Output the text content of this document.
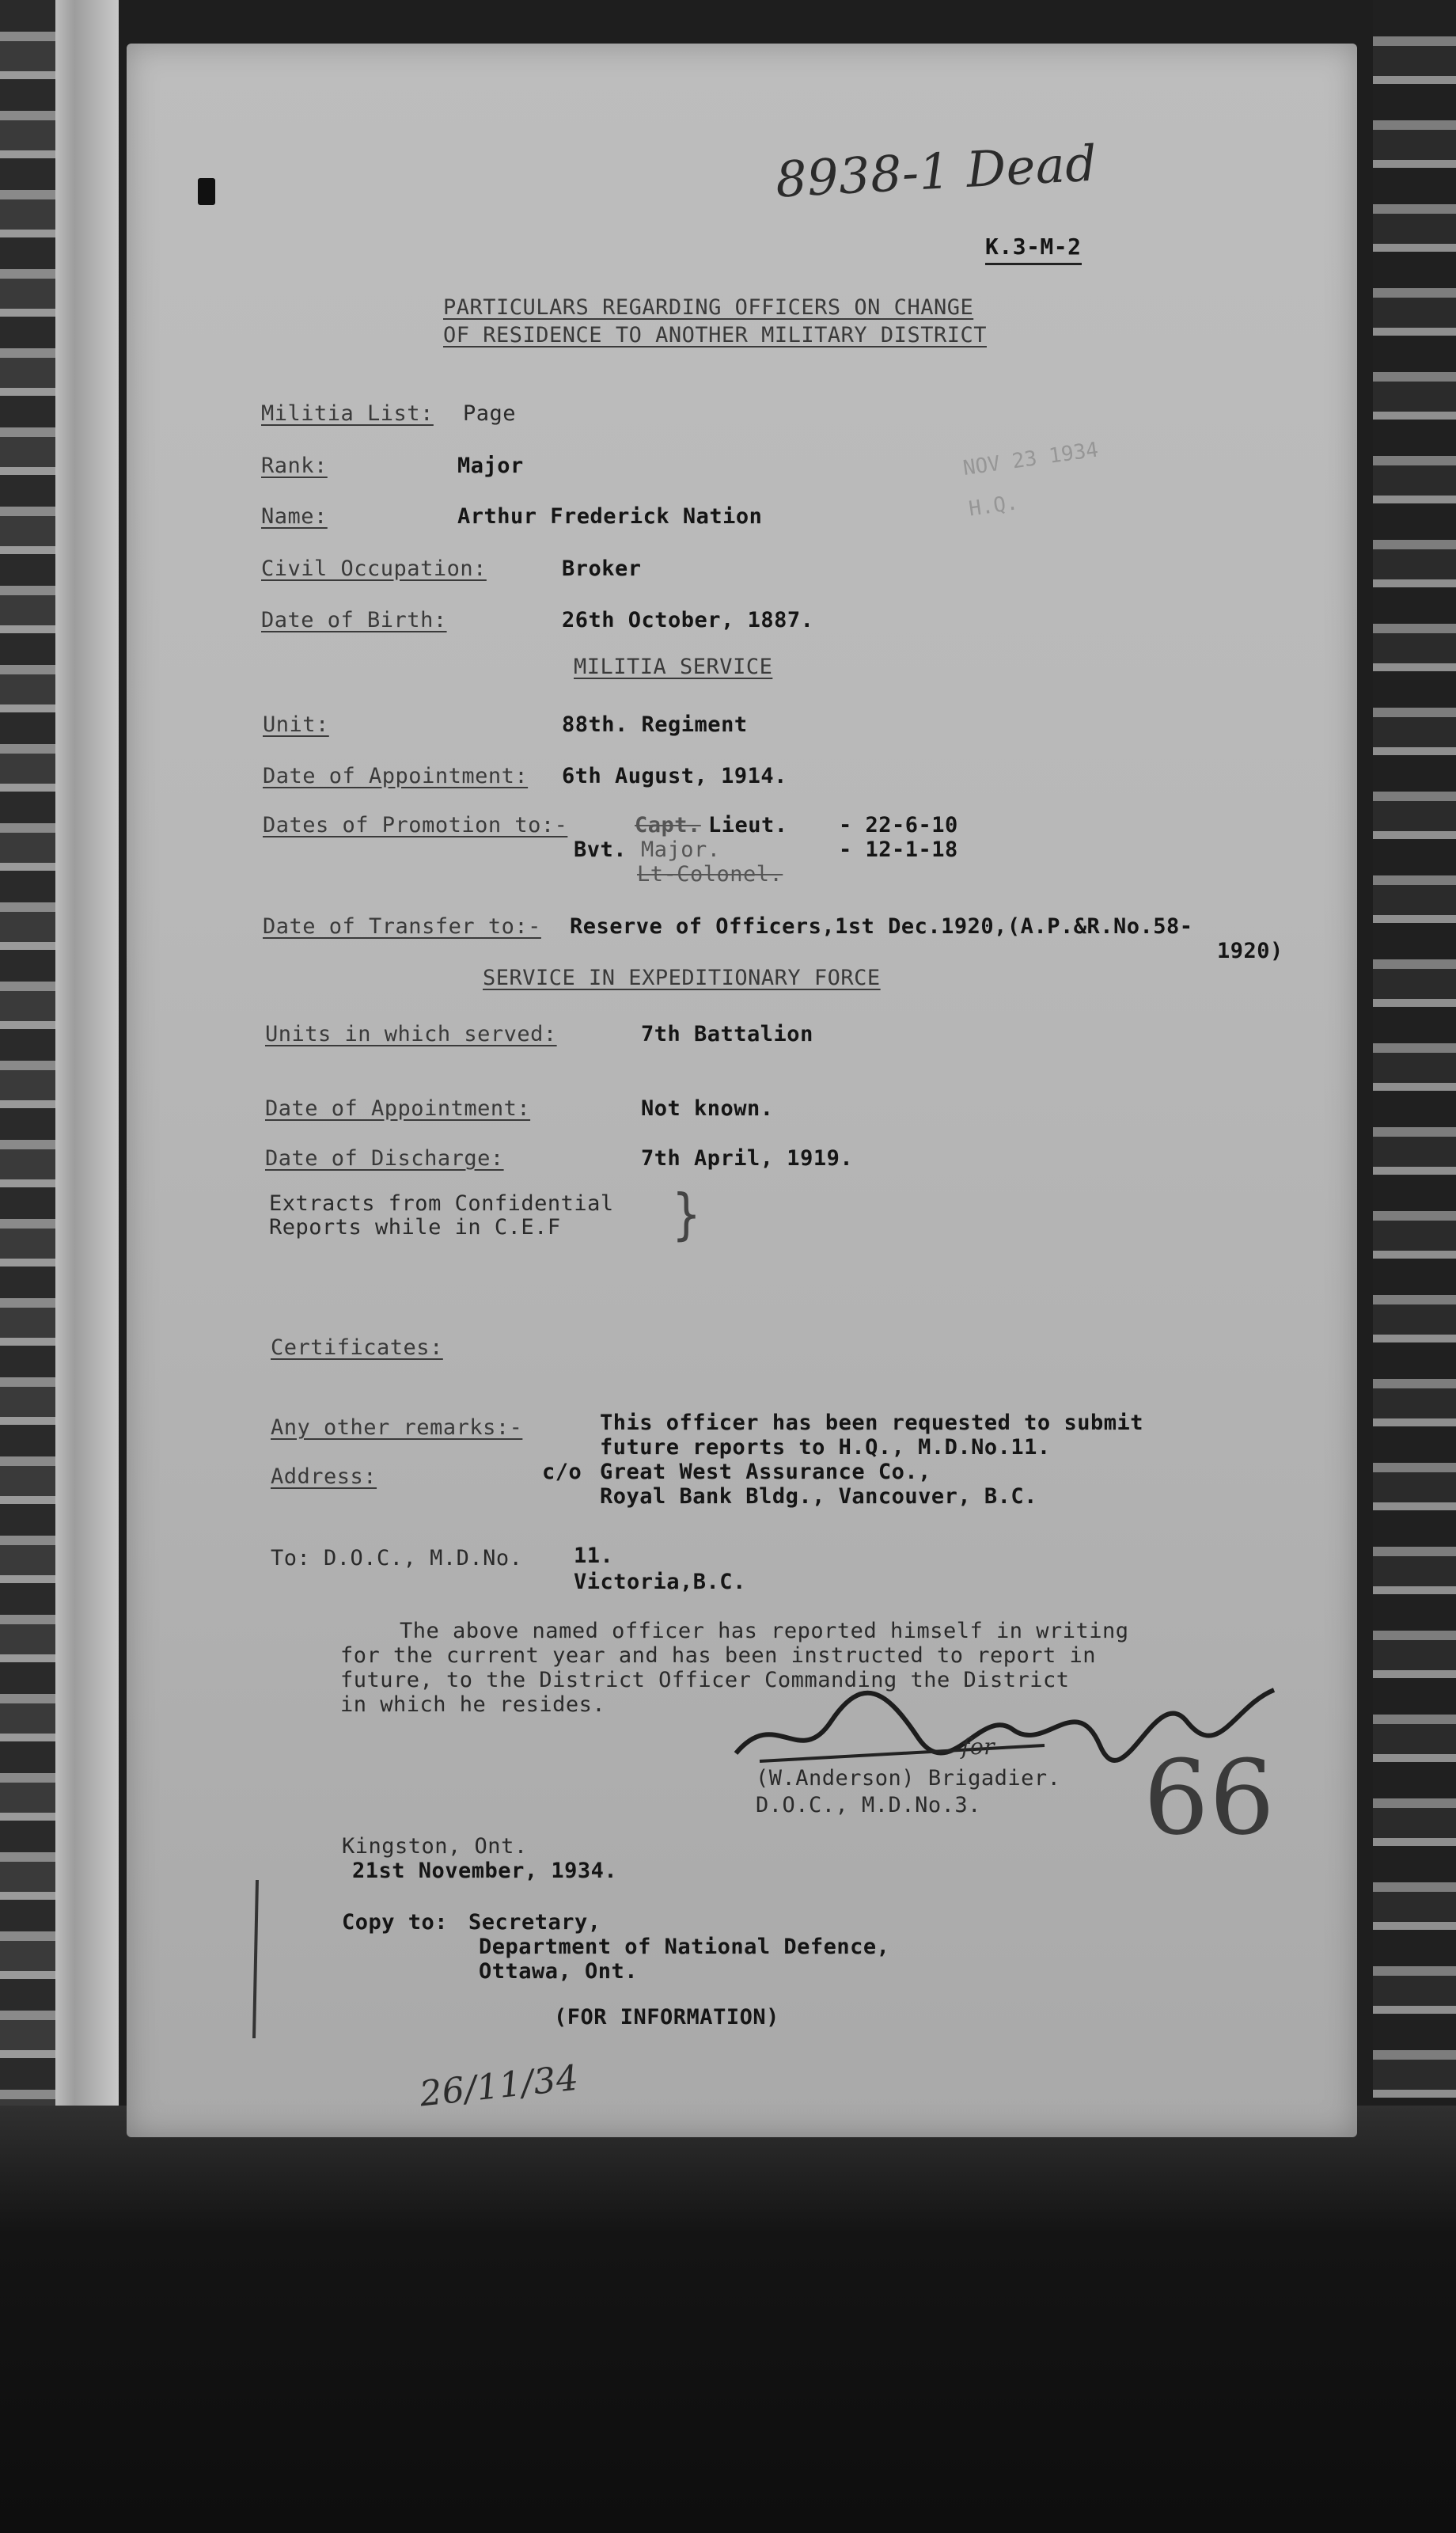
8938-1 Dead
K.3-M-2
PARTICULARS REGARDING OFFICERS ON CHANGE
OF RESIDENCE TO ANOTHER MILITARY DISTRICT
NOV 23 1934
H.Q.
Militia List: Page
Rank:	Major
Name:	Arthur Frederick Nation
Civil Occupation:	Broker
Date of Birth:	26th October, 1887.
MILITIA SERVICE
Unit:	88th. Regiment
Date of Appointment: 6th August, 1914.
Dates of Promotion to:-	Capt. Lieut. - 22-6-10
Bvt. Major.	- 12-1-18
Lt-Colonel.
Date of Transfer to:- Reserve of Officers,1st Dec.1920,(A.P.&R.No.58-
1920)
SERVICE IN EXPEDITIONARY FORCE
Units in which served:	7th Battalion
Date of Appointment:	Not known.
Date of Discharge:	7th April, 1919.
Extracts from Confidential
Reports while in C.E.F }
Certificates:
Any other remarks:-	This officer has been requested to submit
future reports to H.Q., M.D.No.11.
Address:	c/o Great West Assurance Co.,
Royal Bank Bldg., Vancouver, B.C.
To: D.O.C., M.D.No. 11.
Victoria,B.C.
The above named officer has reported himself in writing
for the current year and has been instructed to report in
future, to the District Officer Commanding the District
in which he resides.
for
(W.Anderson) Brigadier.
D.O.C., M.D.No.3. 66
Kingston, Ont.
21st November, 1934.
Copy to: Secretary,
Department of National Defence,
Ottawa, Ont.
(FOR INFORMATION)
26/11/34
